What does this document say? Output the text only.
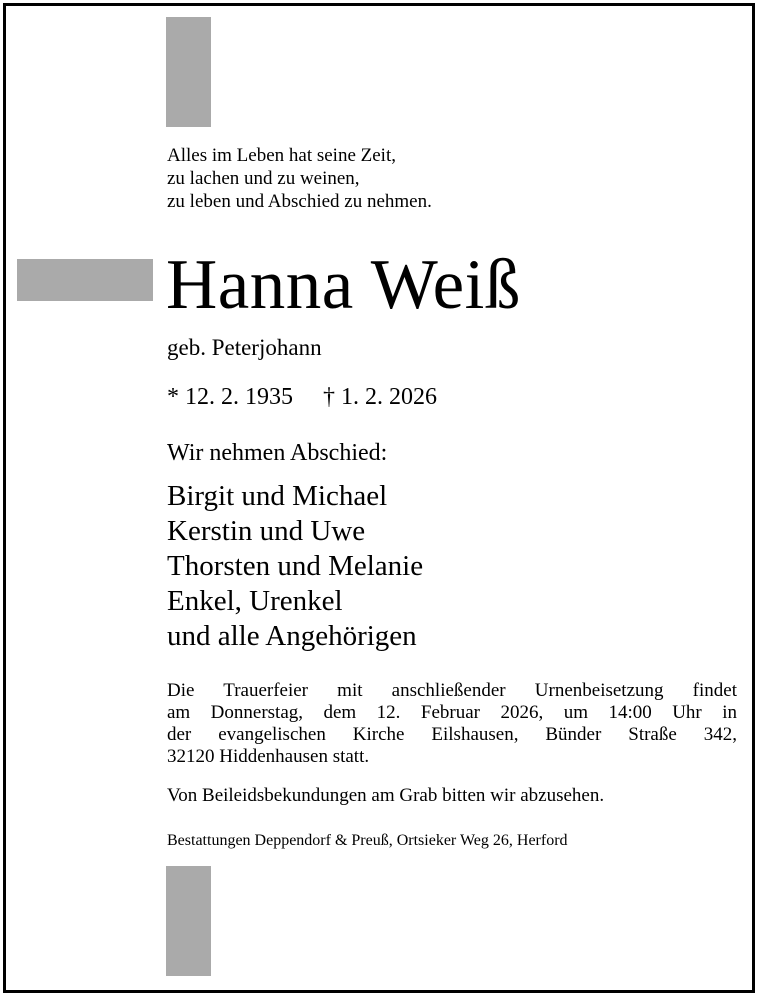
Alles im Leben hat seine Zeit,
zu lachen und zu weinen,
zu leben und Abschied zu nehmen.
Hanna Weiß
geb. Peterjohann
* 12. 2. 1935 † 1. 2. 2026
Wir nehmen Abschied:
Birgit und Michael
Kerstin und Uwe
Thorsten und Melanie
Enkel, Urenkel
und alle Angehörigen
Die Trauerfeier mit anschließender Urnenbeisetzung findet
am Donnerstag, dem 12. Februar 2026, um 14:00 Uhr in
der evangelischen Kirche Eilshausen, Bünder Straße 342,
32120 Hiddenhausen statt.
Von Beileidsbekundungen am Grab bitten wir abzusehen.
Bestattungen Deppendorf & Preuß, Ortsieker Weg 26, Herford
